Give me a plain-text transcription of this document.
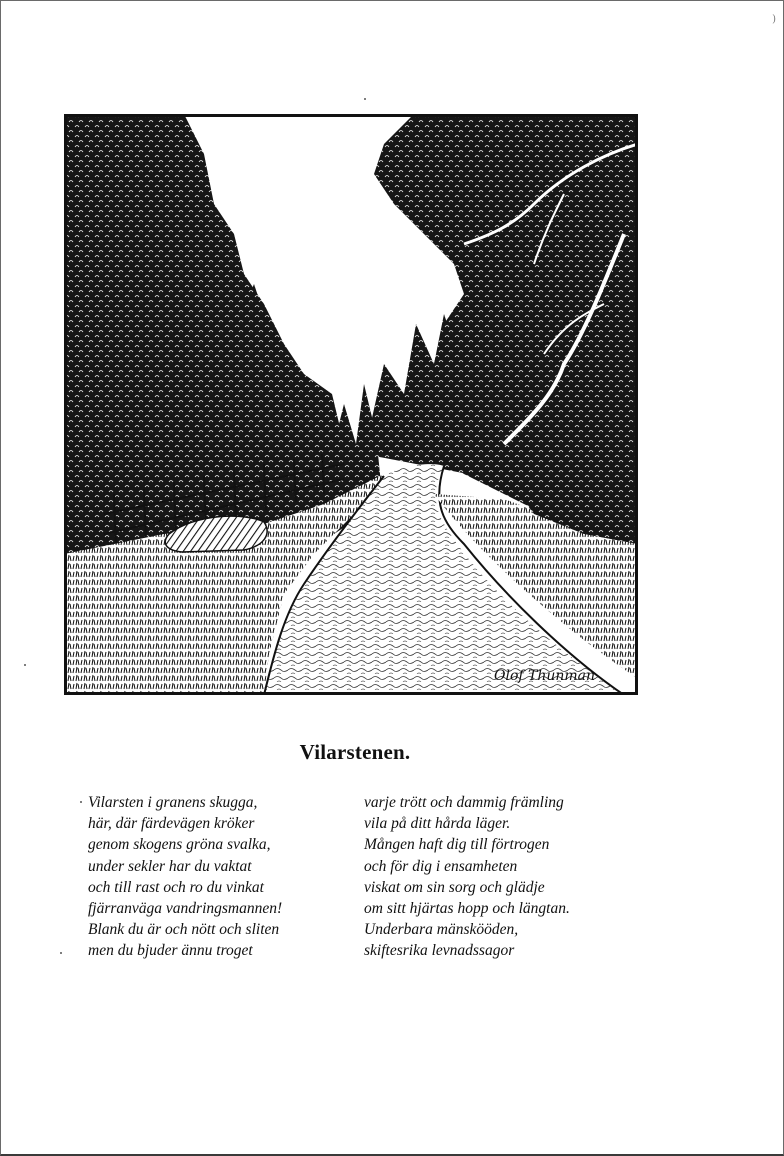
)
Olof Thunman
Vilarstenen.
Vilarsten i granens skugga,
här, där färdevägen kröker
genom skogens gröna svalka,
under sekler har du vaktat
och till rast och ro du vinkat
fjärranväga vandringsmannen!
Blank du är och nött och sliten
men du bjuder ännu troget
varje trött och dammig främling
vila på ditt hårda läger.
Mången haft dig till förtrogen
och för dig i ensamheten
viskat om sin sorg och glädje
om sitt hjärtas hopp och längtan.
Underbara mänskööden,
skiftesrika levnadssagor
